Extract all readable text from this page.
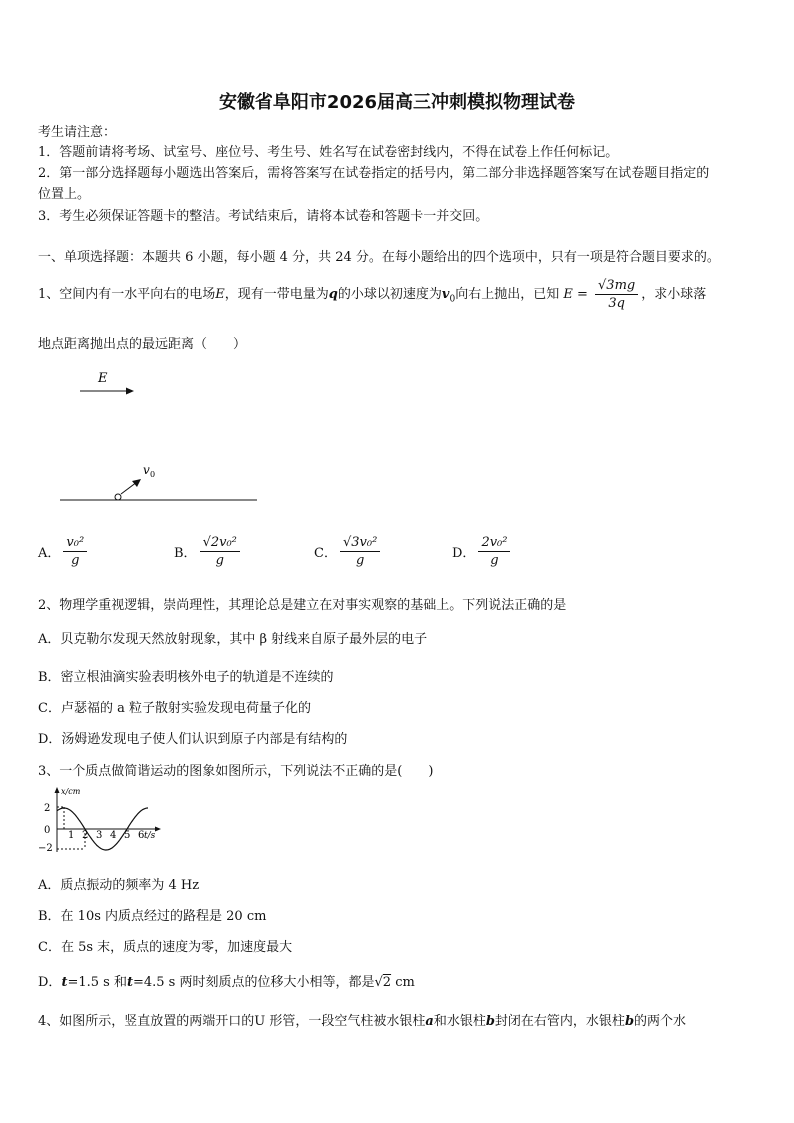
安徽省阜阳市2026届高三冲刺模拟物理试卷
考生请注意：
1．答题前请将考场、试室号、座位号、考生号、姓名写在试卷密封线内，不得在试卷上作任何标记。
2．第一部分选择题每小题选出答案后，需将答案写在试卷指定的括号内，第二部分非选择题答案写在试卷题目指定的
位置上。
3．考生必须保证答题卡的整洁。考试结束后，请将本试卷和答题卡一并交回。
一、单项选择题：本题共 6 小题，每小题 4 分，共 24 分。在每小题给出的四个选项中，只有一项是符合题目要求的。
1、空间内有一水平向右的电场E，现有一带电量为q的小球以初速度为$v_0$向右上抛出，已知 $E = \frac{√3mg}{3q}$ ，求小球落
地点距离抛出点的最远距离（　　）
E
v 0
A． $\frac{\text{v₀²}}{g}$	B． $\frac{\text{√2v₀²}}{g}$	C． $\frac{\text{√3v₀²}}{g}$	D． $\frac{\text{2v₀²}}{g}$
2、物理学重视逻辑，崇尚理性，其理论总是建立在对事实观察的基础上。下列说法正确的是
A．贝克勒尔发现天然放射现象，其中 β 射线来自原子最外层的电子
B．密立根油滴实验表明核外电子的轨道是不连续的
C．卢瑟福的 a 粒子散射实验发现电荷量子化的
D．汤姆逊发现电子使人们认识到原子内部是有结构的
3、一个质点做简谐运动的图象如图所示，下列说法不正确的是(　　)
x/cm
t/s
2
0
−2
1 2 3 4 5 6
A．质点振动的频率为 4 Hz
B．在 10s 内质点经过的路程是 20 cm
C．在 5s 末，质点的速度为零，加速度最大
D．t=1.5 s 和t=4.5 s 两时刻质点的位移大小相等，都是√2 cm
4、如图所示，竖直放置的两端开口的U 形管，一段空气柱被水银柱a和水银柱b封闭在右管内，水银柱b的两个水
